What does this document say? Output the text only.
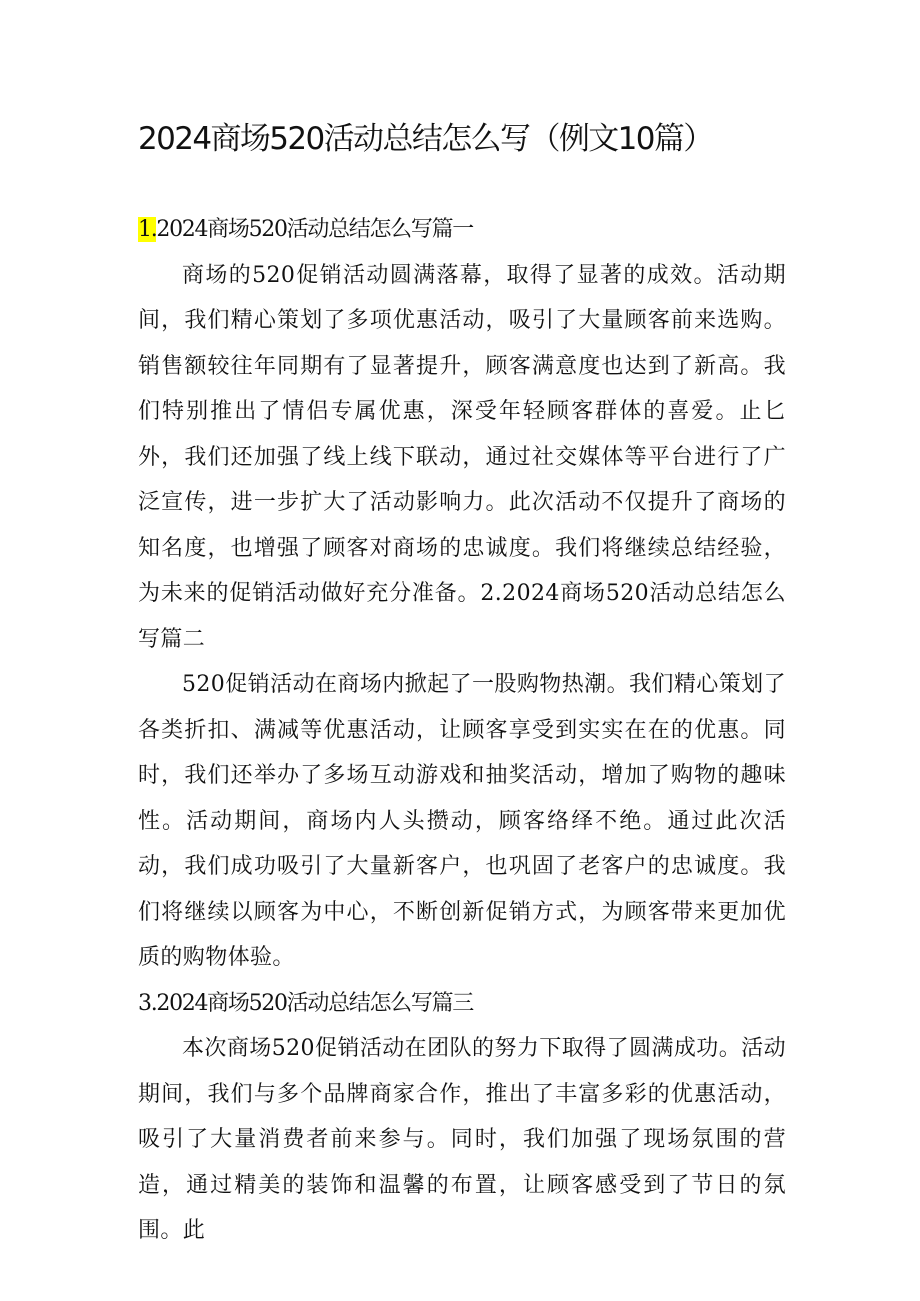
2024商场520活动总结怎么写（例文10篇）
1.2024商场520活动总结怎么写篇一

商场的520促销活动圆满落幕，取得了显著的成效。活动期间，我们精心策划了多项优惠活动，吸引了大量顾客前来选购。销售额较往年同期有了显著提升，顾客满意度也达到了新高。我们特别推出了情侣专属优惠，深受年轻顾客群体的喜爱。止匕外，我们还加强了线上线下联动，通过社交媒体等平台进行了广泛宣传，进一步扩大了活动影响力。此次活动不仅提升了商场的知名度，也增强了顾客对商场的忠诚度。我们将继续总结经验，为未来的促销活动做好充分准备。2.2024商场520活动总结怎么写篇二

520促销活动在商场内掀起了一股购物热潮。我们精心策划了各类折扣、满减等优惠活动，让顾客享受到实实在在的优惠。同时，我们还举办了多场互动游戏和抽奖活动，增加了购物的趣味性。活动期间，商场内人头攒动，顾客络绎不绝。通过此次活动，我们成功吸引了大量新客户，也巩固了老客户的忠诚度。我们将继续以顾客为中心，不断创新促销方式，为顾客带来更加优质的购物体验。

3.2024商场520活动总结怎么写篇三

本次商场520促销活动在团队的努力下取得了圆满成功。活动期间，我们与多个品牌商家合作，推出了丰富多彩的优惠活动，吸引了大量消费者前来参与。同时，我们加强了现场氛围的营造，通过精美的装饰和温馨的布置，让顾客感受到了节日的氛围。此
